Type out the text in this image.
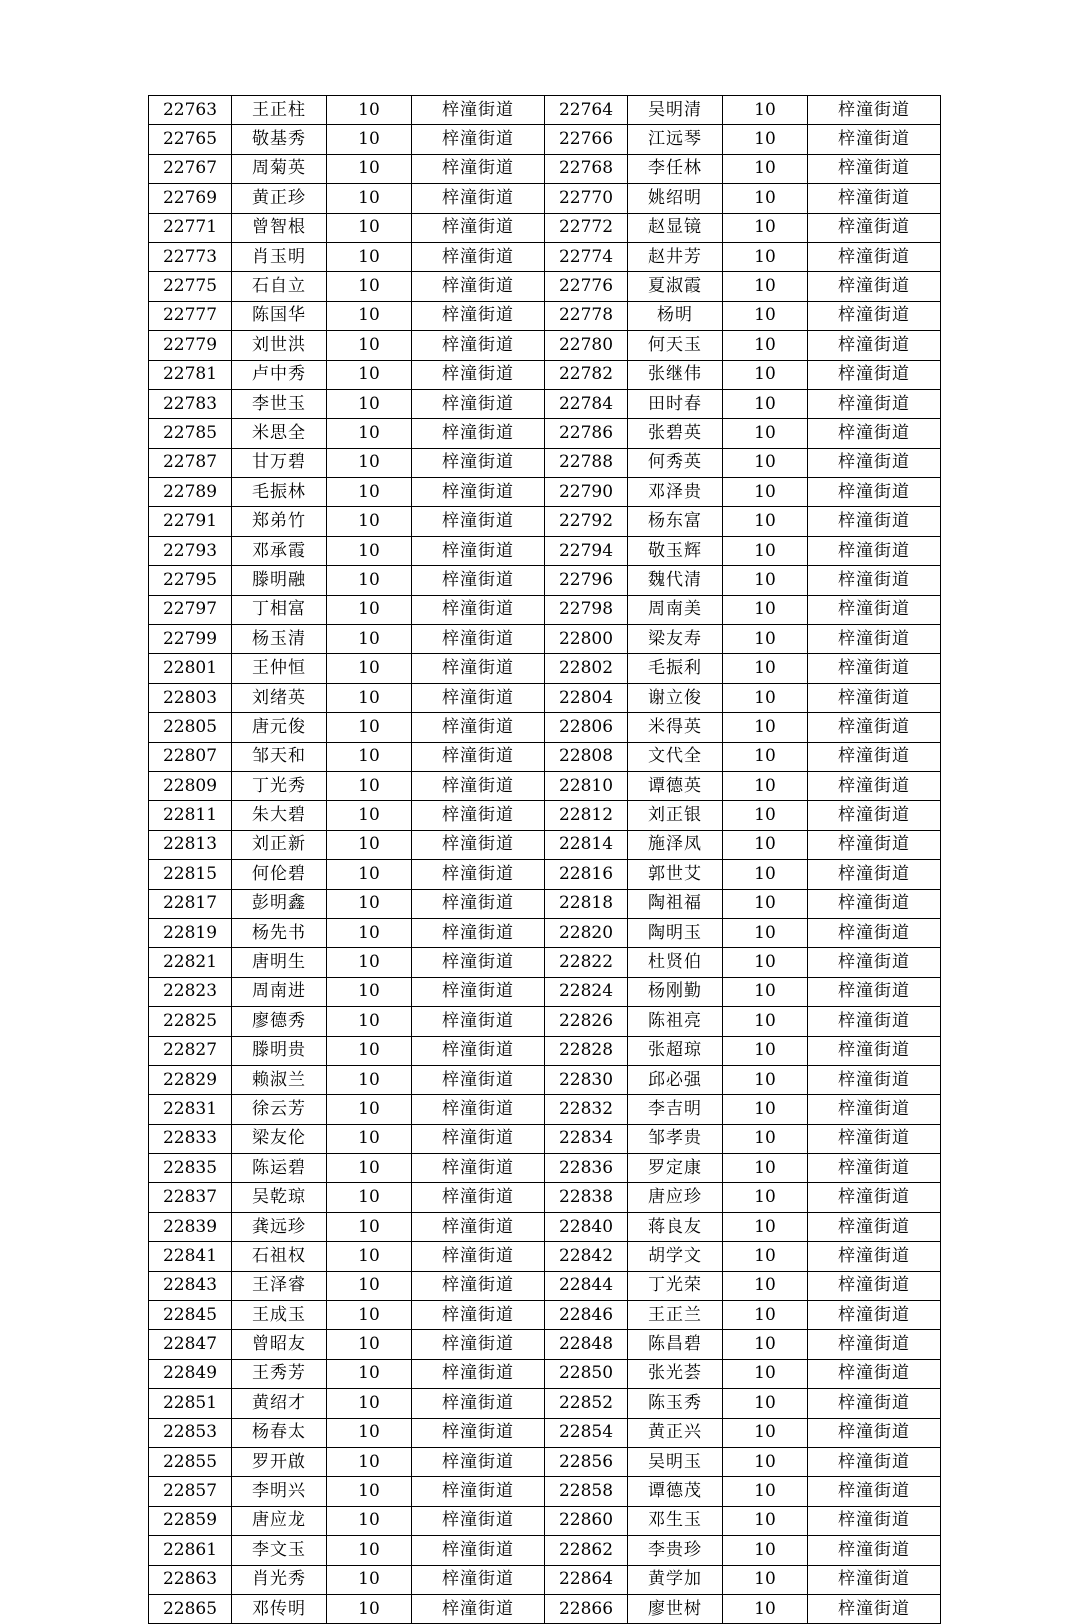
22763	王正柱	10	梓潼街道	22764	吴明清	10	梓潼街道
22765	敬基秀	10	梓潼街道	22766	江远琴	10	梓潼街道
22767	周菊英	10	梓潼街道	22768	李任林	10	梓潼街道
22769	黄正珍	10	梓潼街道	22770	姚绍明	10	梓潼街道
22771	曾智根	10	梓潼街道	22772	赵显镜	10	梓潼街道
22773	肖玉明	10	梓潼街道	22774	赵井芳	10	梓潼街道
22775	石自立	10	梓潼街道	22776	夏淑霞	10	梓潼街道
22777	陈国华	10	梓潼街道	22778	杨明	10	梓潼街道
22779	刘世洪	10	梓潼街道	22780	何天玉	10	梓潼街道
22781	卢中秀	10	梓潼街道	22782	张继伟	10	梓潼街道
22783	李世玉	10	梓潼街道	22784	田时春	10	梓潼街道
22785	米思全	10	梓潼街道	22786	张碧英	10	梓潼街道
22787	甘万碧	10	梓潼街道	22788	何秀英	10	梓潼街道
22789	毛振林	10	梓潼街道	22790	邓泽贵	10	梓潼街道
22791	郑弟竹	10	梓潼街道	22792	杨东富	10	梓潼街道
22793	邓承霞	10	梓潼街道	22794	敬玉辉	10	梓潼街道
22795	滕明融	10	梓潼街道	22796	魏代清	10	梓潼街道
22797	丁相富	10	梓潼街道	22798	周南美	10	梓潼街道
22799	杨玉清	10	梓潼街道	22800	梁友寿	10	梓潼街道
22801	王仲恒	10	梓潼街道	22802	毛振利	10	梓潼街道
22803	刘绪英	10	梓潼街道	22804	谢立俊	10	梓潼街道
22805	唐元俊	10	梓潼街道	22806	米得英	10	梓潼街道
22807	邹天和	10	梓潼街道	22808	文代全	10	梓潼街道
22809	丁光秀	10	梓潼街道	22810	谭德英	10	梓潼街道
22811	朱大碧	10	梓潼街道	22812	刘正银	10	梓潼街道
22813	刘正新	10	梓潼街道	22814	施泽凤	10	梓潼街道
22815	何伦碧	10	梓潼街道	22816	郭世艾	10	梓潼街道
22817	彭明鑫	10	梓潼街道	22818	陶祖福	10	梓潼街道
22819	杨先书	10	梓潼街道	22820	陶明玉	10	梓潼街道
22821	唐明生	10	梓潼街道	22822	杜贤伯	10	梓潼街道
22823	周南进	10	梓潼街道	22824	杨刚勤	10	梓潼街道
22825	廖德秀	10	梓潼街道	22826	陈祖亮	10	梓潼街道
22827	滕明贵	10	梓潼街道	22828	张超琼	10	梓潼街道
22829	赖淑兰	10	梓潼街道	22830	邱必强	10	梓潼街道
22831	徐云芳	10	梓潼街道	22832	李吉明	10	梓潼街道
22833	梁友伦	10	梓潼街道	22834	邹孝贵	10	梓潼街道
22835	陈运碧	10	梓潼街道	22836	罗定康	10	梓潼街道
22837	吴乾琼	10	梓潼街道	22838	唐应珍	10	梓潼街道
22839	龚远珍	10	梓潼街道	22840	蒋良友	10	梓潼街道
22841	石祖权	10	梓潼街道	22842	胡学文	10	梓潼街道
22843	王泽睿	10	梓潼街道	22844	丁光荣	10	梓潼街道
22845	王成玉	10	梓潼街道	22846	王正兰	10	梓潼街道
22847	曾昭友	10	梓潼街道	22848	陈昌碧	10	梓潼街道
22849	王秀芳	10	梓潼街道	22850	张光荟	10	梓潼街道
22851	黄绍才	10	梓潼街道	22852	陈玉秀	10	梓潼街道
22853	杨春太	10	梓潼街道	22854	黄正兴	10	梓潼街道
22855	罗开啟	10	梓潼街道	22856	吴明玉	10	梓潼街道
22857	李明兴	10	梓潼街道	22858	谭德茂	10	梓潼街道
22859	唐应龙	10	梓潼街道	22860	邓生玉	10	梓潼街道
22861	李文玉	10	梓潼街道	22862	李贵珍	10	梓潼街道
22863	肖光秀	10	梓潼街道	22864	黄学加	10	梓潼街道
22865	邓传明	10	梓潼街道	22866	廖世树	10	梓潼街道
